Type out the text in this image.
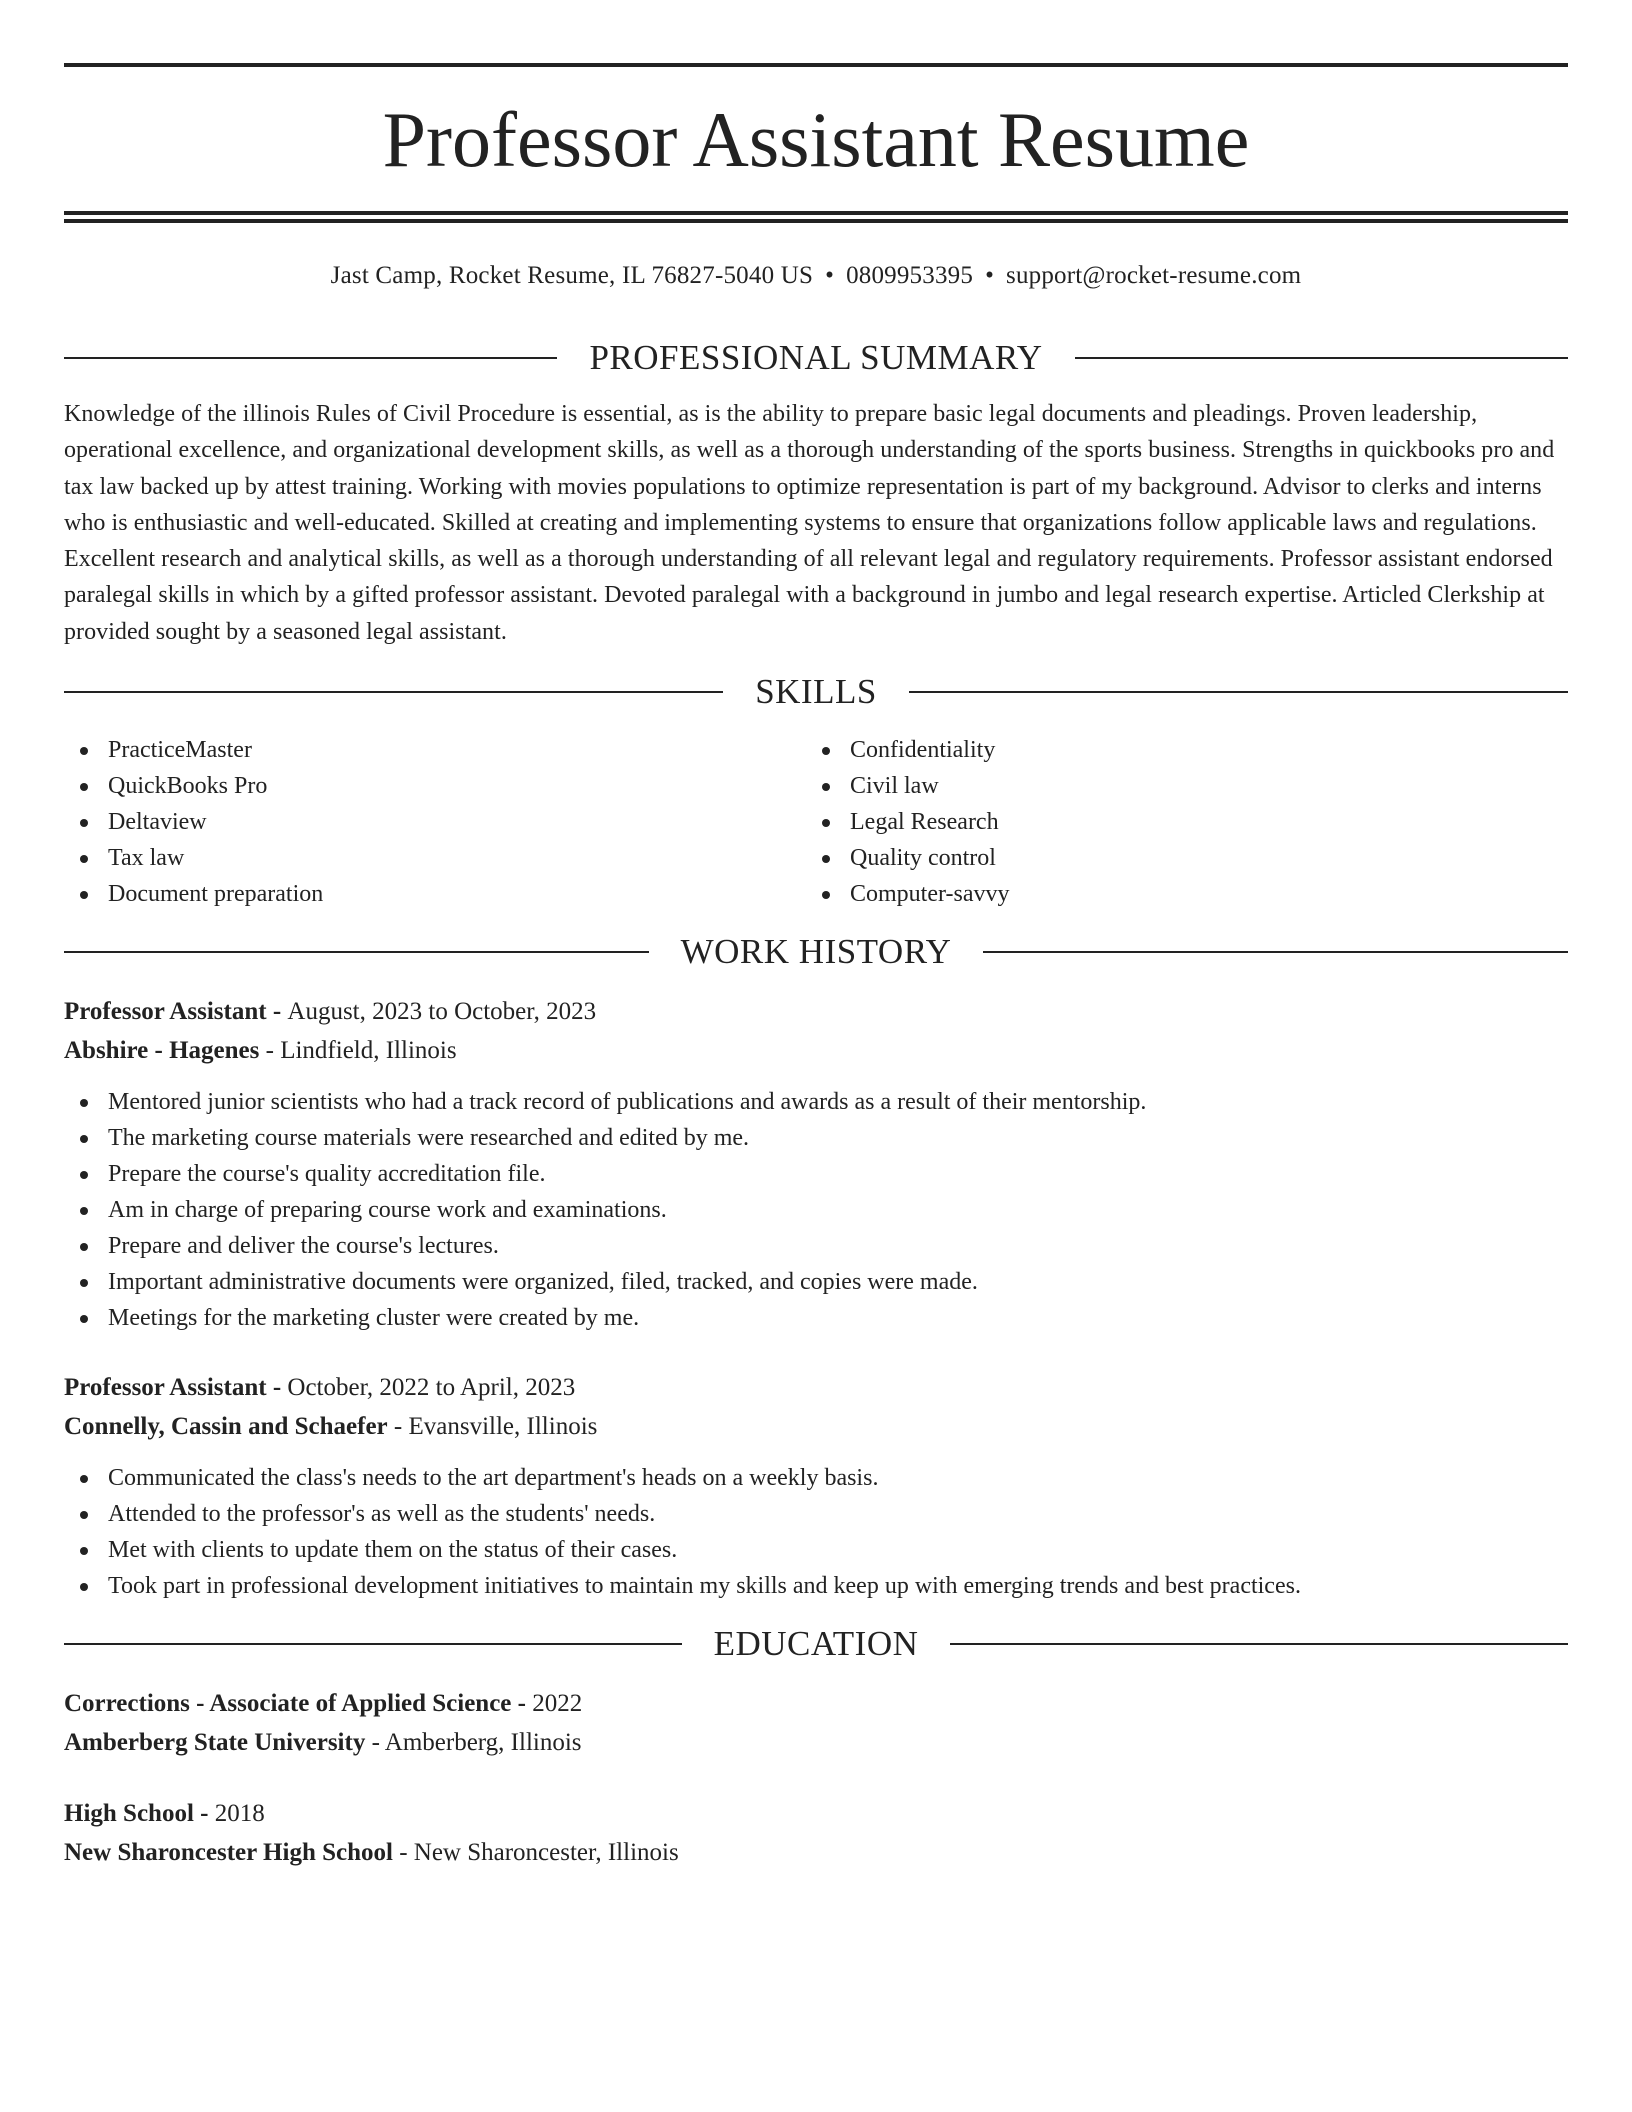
Professor Assistant Resume
Jast Camp, Rocket Resume, IL 76827-5040 US • 0809953395 • support@rocket-resume.com
PROFESSIONAL SUMMARY
Knowledge of the illinois Rules of Civil Procedure is essential, as is the ability to prepare basic legal documents and pleadings. Proven leadership, operational excellence, and organizational development skills, as well as a thorough understanding of the sports business. Strengths in quickbooks pro and tax law backed up by attest training. Working with movies populations to optimize representation is part of my background. Advisor to clerks and interns who is enthusiastic and well-educated. Skilled at creating and implementing systems to ensure that organizations follow applicable laws and regulations. Excellent research and analytical skills, as well as a thorough understanding of all relevant legal and regulatory requirements. Professor assistant endorsed paralegal skills in which by a gifted professor assistant. Devoted paralegal with a background in jumbo and legal research expertise. Articled Clerkship at provided sought by a seasoned legal assistant.
SKILLS
PracticeMaster
QuickBooks Pro
Deltaview
Tax law
Document preparation
Confidentiality
Civil law
Legal Research
Quality control
Computer-savvy
WORK HISTORY
Professor Assistant - August, 2023 to October, 2023
Abshire - Hagenes - Lindfield, Illinois
Mentored junior scientists who had a track record of publications and awards as a result of their mentorship.
The marketing course materials were researched and edited by me.
Prepare the course's quality accreditation file.
Am in charge of preparing course work and examinations.
Prepare and deliver the course's lectures.
Important administrative documents were organized, filed, tracked, and copies were made.
Meetings for the marketing cluster were created by me.
Professor Assistant - October, 2022 to April, 2023
Connelly, Cassin and Schaefer - Evansville, Illinois
Communicated the class's needs to the art department's heads on a weekly basis.
Attended to the professor's as well as the students' needs.
Met with clients to update them on the status of their cases.
Took part in professional development initiatives to maintain my skills and keep up with emerging trends and best practices.
EDUCATION
Corrections - Associate of Applied Science - 2022
Amberberg State University - Amberberg, Illinois
High School - 2018
New Sharoncester High School - New Sharoncester, Illinois
